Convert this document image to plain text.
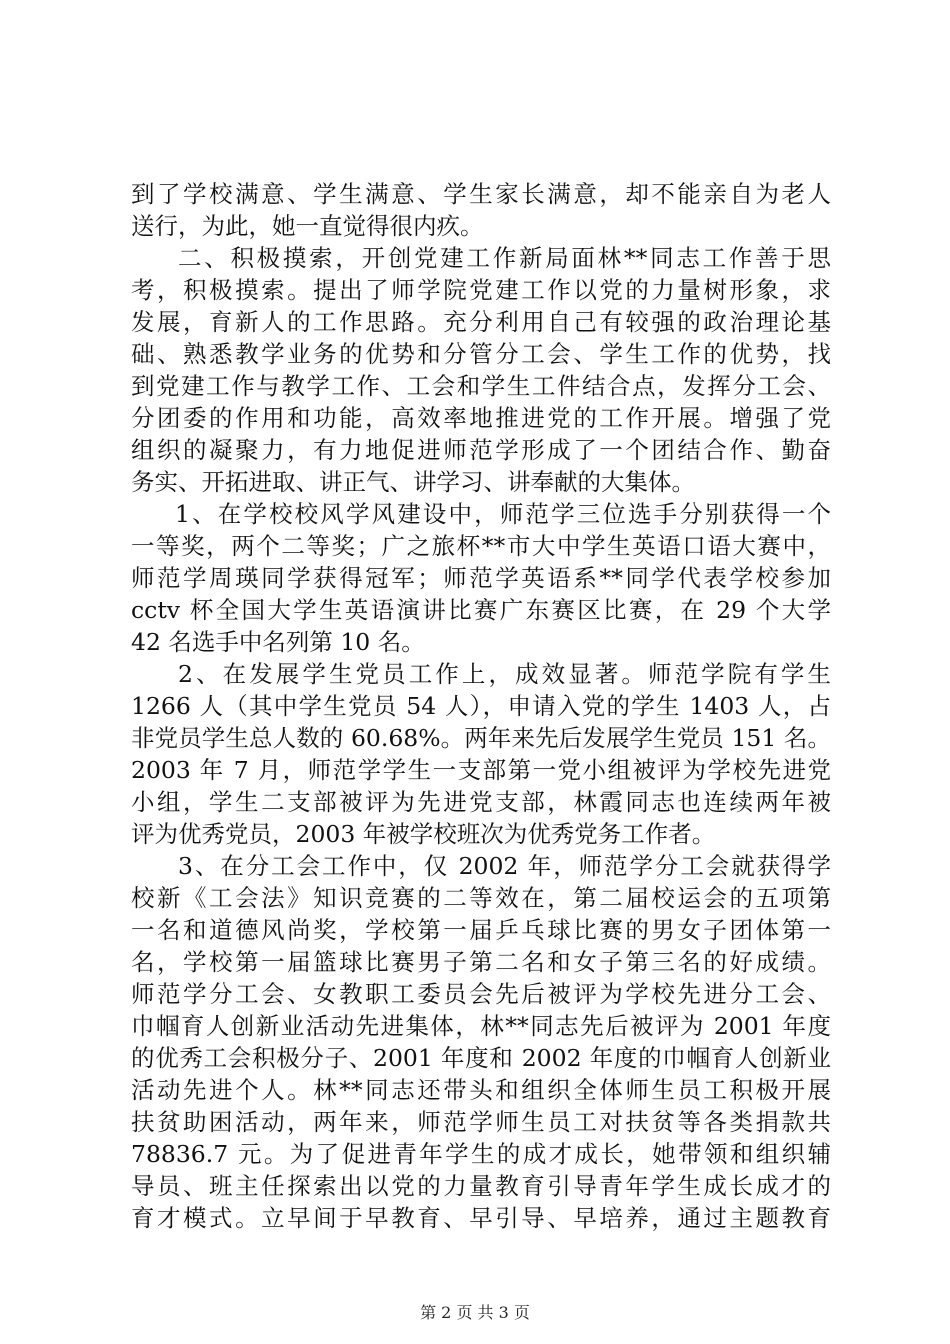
到了学校满意、学生满意、学生家长满意，却不能亲自为老人
送行，为此，她一直觉得很内疚。
二、积极摸索，开创党建工作新局面林**同志工作善于思
考，积极摸索。提出了师学院党建工作以党的力量树形象，求
发展，育新人的工作思路。充分利用自己有较强的政治理论基
础、熟悉教学业务的优势和分管分工会、学生工作的优势，找
到党建工作与教学工作、工会和学生工件结合点，发挥分工会、
分团委的作用和功能，高效率地推进党的工作开展。增强了党
组织的凝聚力，有力地促进师范学形成了一个团结合作、勤奋
务实、开拓进取、讲正气、讲学习、讲奉献的大集体。
1、在学校校风学风建设中，师范学三位选手分别获得一个
一等奖，两个二等奖；广之旅杯**市大中学生英语口语大赛中，
师范学周瑛同学获得冠军；师范学英语系**同学代表学校参加
cctv 杯全国大学生英语演讲比赛广东赛区比赛，在 29 个大学
42 名选手中名列第 10 名。
2、在发展学生党员工作上，成效显著。师范学院有学生
1266 人（其中学生党员 54 人），申请入党的学生 1403 人，占
非党员学生总人数的 60.68%。两年来先后发展学生党员 151 名。
2003 年 7 月，师范学学生一支部第一党小组被评为学校先进党
小组，学生二支部被评为先进党支部，林霞同志也连续两年被
评为优秀党员，2003 年被学校班次为优秀党务工作者。
3、在分工会工作中，仅 2002 年，师范学分工会就获得学
校新《工会法》知识竞赛的二等效在，第二届校运会的五项第
一名和道德风尚奖，学校第一届乒乓球比赛的男女子团体第一
名，学校第一届篮球比赛男子第二名和女子第三名的好成绩。
师范学分工会、女教职工委员会先后被评为学校先进分工会、
巾帼育人创新业活动先进集体，林**同志先后被评为 2001 年度
的优秀工会积极分子、2001 年度和 2002 年度的巾帼育人创新业
活动先进个人。林**同志还带头和组织全体师生员工积极开展
扶贫助困活动，两年来，师范学师生员工对扶贫等各类捐款共
78836.7 元。为了促进青年学生的成才成长，她带领和组织辅
导员、班主任探索出以党的力量教育引导青年学生成长成才的
育才模式。立早间于早教育、早引导、早培养，通过主题教育
第 2 页 共 3 页
